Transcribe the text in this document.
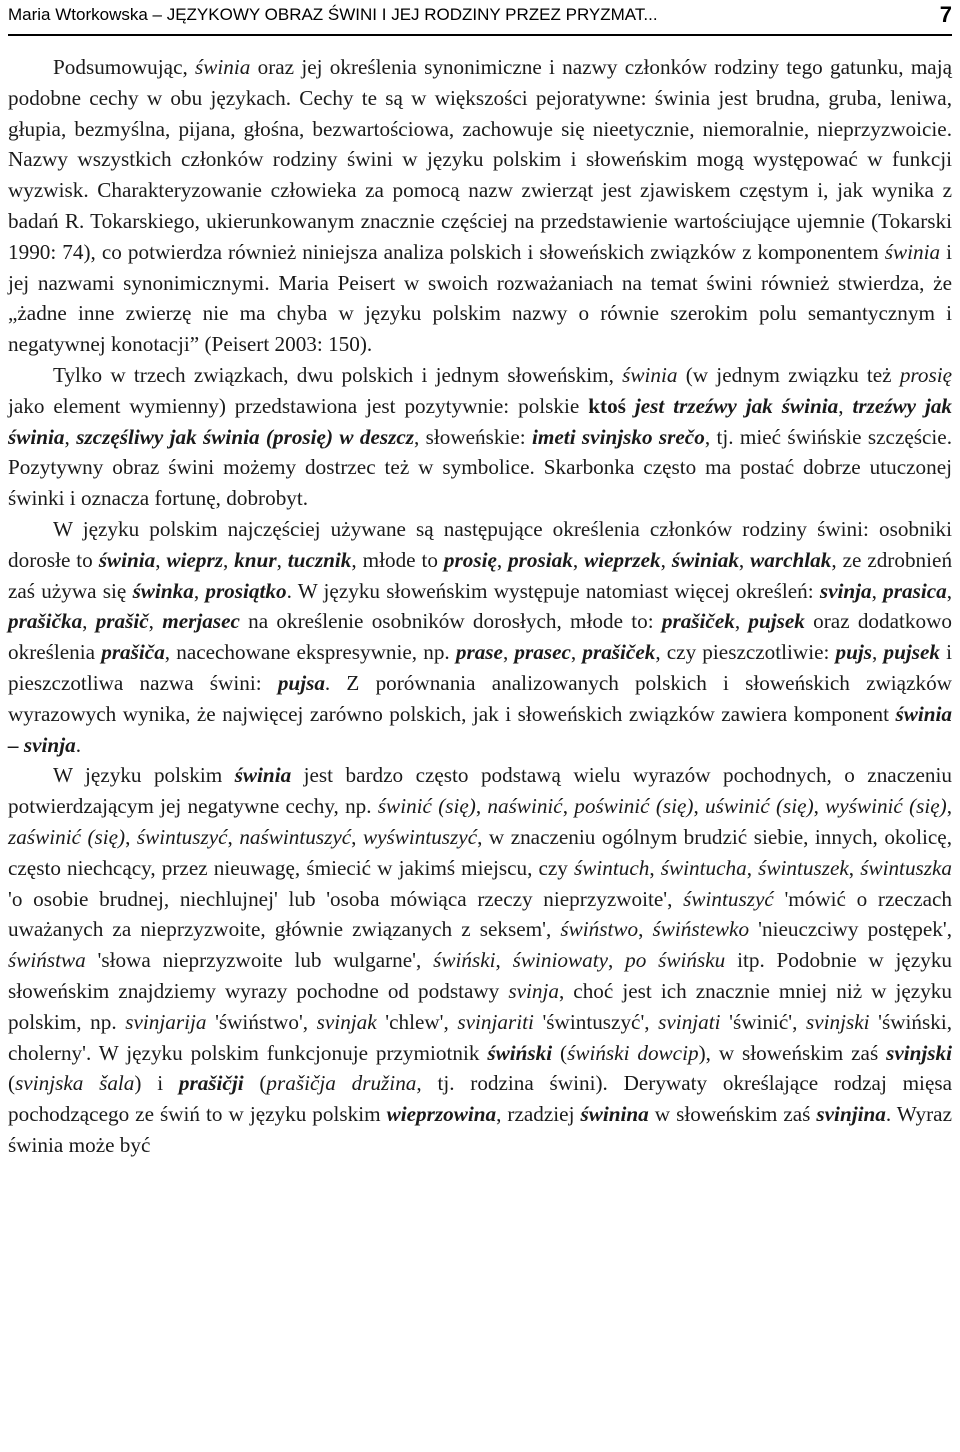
Maria Wtorkowska – JĘZYKOWY OBRAZ ŚWINI I JEJ RODZINY PRZEZ PRYZMAT...	7

Podsumowując, świnia oraz jej określenia synonimiczne i nazwy członków rodziny tego gatunku, mają podobne cechy w obu językach. Cechy te są w większości pejoratywne: świnia jest brudna, gruba, leniwa, głupia, bezmyślna, pijana, głośna, bezwartościowa, zachowuje się nieetycznie, niemoralnie, nieprzyzwoicie. Nazwy wszystkich członków rodziny świni w języku polskim i słoweńskim mogą występować w funkcji wyzwisk. Charakteryzowanie człowieka za pomocą nazw zwierząt jest zjawiskem częstym i, jak wynika z badań R. Tokarskiego, ukierunkowanym znacznie częściej na przedstawienie wartościujące ujemnie (Tokarski 1990: 74), co potwierdza również niniejsza analiza polskich i słoweńskich związków z komponentem świnia i jej nazwami synonimicznymi. Maria Peisert w swoich rozważaniach na temat świni również stwierdza, że „żadne inne zwierzę nie ma chyba w języku polskim nazwy o równie szerokim polu semantycznym i negatywnej konotacji” (Peisert 2003: 150).

Tylko w trzech związkach, dwu polskich i jednym słoweńskim, świnia (w jednym związku też prosię jako element wymienny) przedstawiona jest pozytywnie: polskie ktoś jest trzeźwy jak świnia, trzeźwy jak świnia, szczęśliwy jak świnia (prosię) w deszcz, słoweńskie: imeti svinjsko srečo, tj. mieć świńskie szczęście. Pozytywny obraz świni możemy dostrzec też w symbolice. Skarbonka często ma postać dobrze utuczonej świnki i oznacza fortunę, dobrobyt.

W języku polskim najczęściej używane są następujące określenia członków rodziny świni: osobniki dorosłe to świnia, wieprz, knur, tucznik, młode to prosię, prosiak, wieprzek, świniak, warchlak, ze zdrobnień zaś używa się świnka, prosiątko. W języku słoweńskim występuje natomiast więcej określeń: svinja, prasica, prašička, prašič, merjasec na określenie osobników dorosłych, młode to: prašiček, pujsek oraz dodatkowo określenia prašiča, nacechowane ekspresywnie, np. prase, prasec, prašiček, czy pieszczotliwie: pujs, pujsek i pieszczotliwa nazwa świni: pujsa. Z porównania analizowanych polskich i słoweńskich związków wyrazowych wynika, że najwięcej zarówno polskich, jak i słoweńskich związków zawiera komponent świnia – svinja.

W języku polskim świnia jest bardzo często podstawą wielu wyrazów pochodnych, o znaczeniu potwierdzającym jej negatywne cechy, np. świnić (się), naświnić, poświnić (się), uświnić (się), wyświnić (się), zaświnić (się), świntuszyć, naświntuszyć, wyświntuszyć, w znaczeniu ogólnym brudzić siebie, innych, okolicę, często niechcący, przez nieuwagę, śmiecić w jakimś miejscu, czy świntuch, świntucha, świntuszek, świntuszka 'o osobie brudnej, niechlujnej' lub 'osoba mówiąca rzeczy nieprzyzwoite', świntuszyć 'mówić o rzeczach uważanych za nieprzyzwoite, głównie związanych z seksem', świństwo, świństewko 'nieuczciwy postępek', świństwa 'słowa nieprzyzwoite lub wulgarne', świński, świniowaty, po świńsku itp. Podobnie w języku słoweńskim znajdziemy wyrazy pochodne od podstawy svinja, choć jest ich znacznie mniej niż w języku polskim, np. svinjarija 'świństwo', svinjak 'chlew', svinjariti 'świntuszyć', svinjati 'świnić', svinjski 'świński, cholerny'. W języku polskim funkcjonuje przymiotnik świński (świński dowcip), w słoweńskim zaś svinjski (svinjska šala) i prašičji (prašičja družina, tj. rodzina świni). Derywaty określające rodzaj mięsa pochodzącego ze świń to w języku polskim wieprzowina, rzadziej świnina w słoweńskim zaś svinjina. Wyraz świnia może być
